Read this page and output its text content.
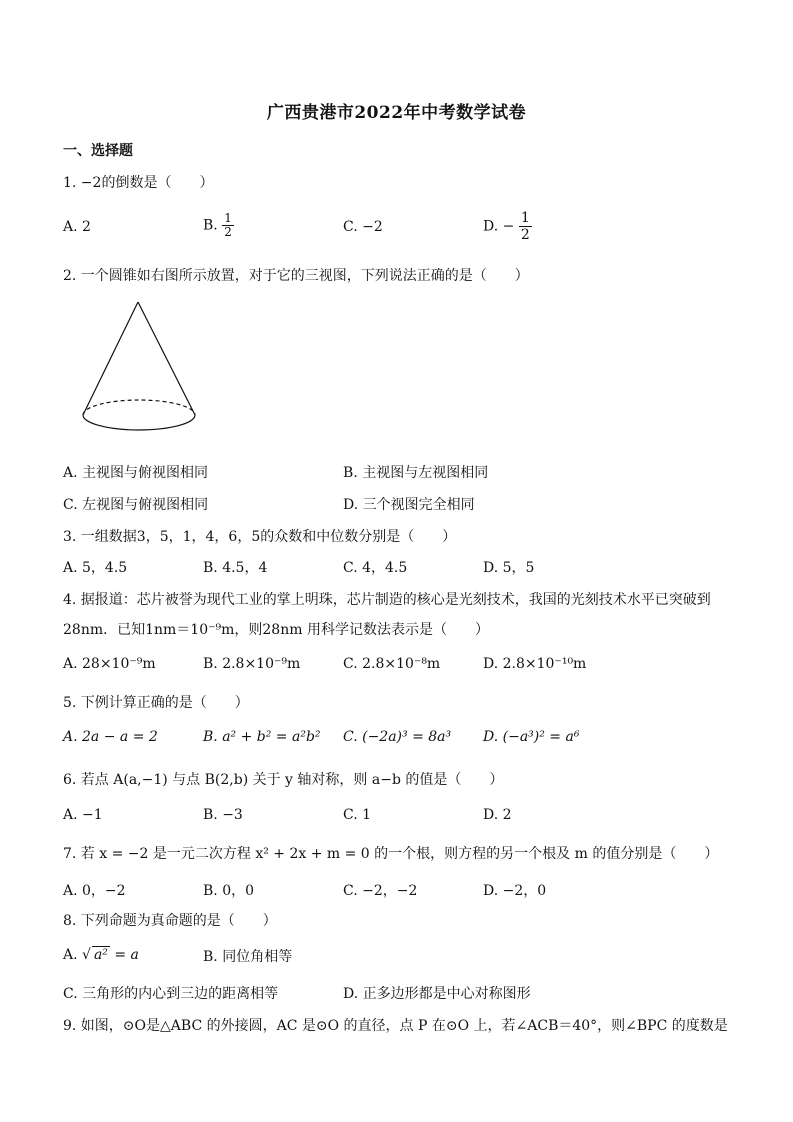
广西贵港市2022年中考数学试卷
一、选择题
1. −2的倒数是（　　）
A. 2	B. $\frac{1}{2}$	C. −2	D. − $\frac{1}{2}$
2. 一个圆锥如右图所示放置，对于它的三视图，下列说法正确的是（　　）
A. 主视图与俯视图相同	B. 主视图与左视图相同
C. 左视图与俯视图相同	D. 三个视图完全相同
3. 一组数据3，5，1，4，6，5的众数和中位数分别是（　　）
A. 5，4.5	B. 4.5，4	C. 4，4.5	D. 5，5
4. 据报道：芯片被誉为现代工业的掌上明珠，芯片制造的核心是光刻技术，我国的光刻技术水平已突破到
28nm．已知1nm＝10⁻⁹m，则28nm 用科学记数法表示是（　　）
A. 28×10⁻⁹m	B. 2.8×10⁻⁹m	C. 2.8×10⁻⁸m	D. 2.8×10⁻¹⁰m
5. 下例计算正确的是（　　）
A. 2a − a = 2	B. a² + b² = a²b² C. (−2a)³ = 8a³ D. (−a³)² = a⁶
6. 若点 A(a,−1) 与点 B(2,b) 关于 y 轴对称，则 a−b 的值是（　　）
A. −1	B. −3	C. 1	D. 2
7. 若 x = −2 是一元二次方程 x² + 2x + m = 0 的一个根，则方程的另一个根及 m 的值分别是（　　）
A. 0，−2	B. 0，0	C. −2，−2	D. −2，0
8. 下列命题为真命题的是（　　）
A. √ a² = a	B. 同位角相等
C. 三角形的内心到三边的距离相等	D. 正多边形都是中心对称图形
9. 如图，⊙O是△ABC 的外接圆，AC 是⊙O 的直径，点 P 在⊙O 上，若∠ACB＝40°，则∠BPC 的度数是
